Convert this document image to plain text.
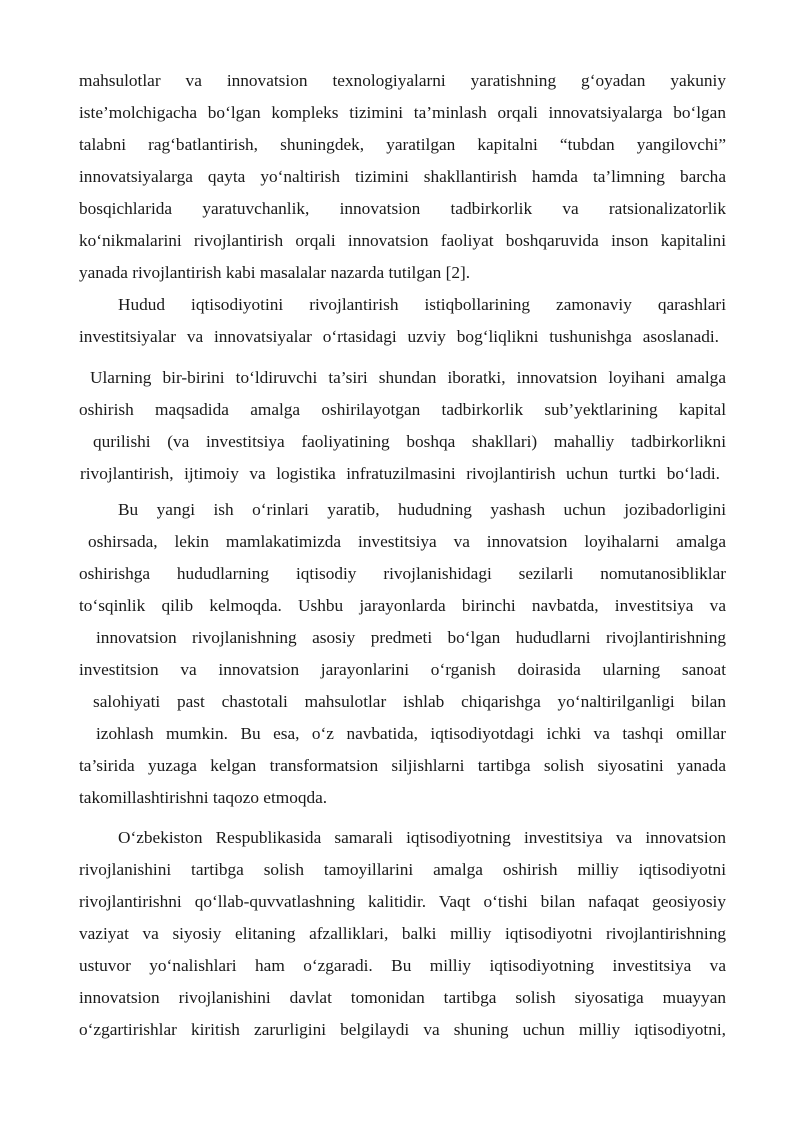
mahsulotlar va innovatsion texnologiyalarni yaratishning g‘oyadan yakuniy
iste’molchigacha bo‘lgan kompleks tizimini ta’minlash orqali innovatsiyalarga bo‘lgan
talabni rag‘batlantirish, shuningdek, yaratilgan kapitalni “tubdan yangilovchi”
innovatsiyalarga qayta yo‘naltirish tizimini shakllantirish hamda ta’limning barcha
bosqichlarida yaratuvchanlik, innovatsion tadbirkorlik va ratsionalizatorlik
ko‘nikmalarini rivojlantirish orqali innovatsion faoliyat boshqaruvida inson kapitalini
yanada rivojlantirish kabi masalalar nazarda tutilgan [2].
Hudud iqtisodiyotini rivojlantirish istiqbollarining zamonaviy qarashlari
investitsiyalar va innovatsiyalar o‘rtasidagi uzviy bog‘liqlikni tushunishga asoslanadi.
Ularning bir-birini to‘ldiruvchi ta’siri shundan iboratki, innovatsion loyihani amalga
oshirish maqsadida amalga oshirilayotgan tadbirkorlik sub’yektlarining kapital
qurilishi (va investitsiya faoliyatining boshqa shakllari) mahalliy tadbirkorlikni
rivojlantirish, ijtimoiy va logistika infratuzilmasini rivojlantirish uchun turtki bo‘ladi.
Bu yangi ish o‘rinlari yaratib, hududning yashash uchun jozibadorligini
oshirsada, lekin mamlakatimizda investitsiya va innovatsion loyihalarni amalga
oshirishga hududlarning iqtisodiy rivojlanishidagi sezilarli nomutanosibliklar
to‘sqinlik qilib kelmoqda. Ushbu jarayonlarda birinchi navbatda, investitsiya va
innovatsion rivojlanishning asosiy predmeti bo‘lgan hududlarni rivojlantirishning
investitsion va innovatsion jarayonlarini o‘rganish doirasida ularning sanoat
salohiyati past chastotali mahsulotlar ishlab chiqarishga yo‘naltirilganligi bilan
izohlash mumkin. Bu esa, o‘z navbatida, iqtisodiyotdagi ichki va tashqi omillar
ta’sirida yuzaga kelgan transformatsion siljishlarni tartibga solish siyosatini yanada
takomillashtirishni taqozo etmoqda.
O‘zbekiston Respublikasida samarali iqtisodiyotning investitsiya va innovatsion
rivojlanishini tartibga solish tamoyillarini amalga oshirish milliy iqtisodiyotni
rivojlantirishni qo‘llab-quvvatlashning kalitidir. Vaqt o‘tishi bilan nafaqat geosiyosiy
vaziyat va siyosiy elitaning afzalliklari, balki milliy iqtisodiyotni rivojlantirishning
ustuvor yo‘nalishlari ham o‘zgaradi. Bu milliy iqtisodiyotning investitsiya va
innovatsion rivojlanishini davlat tomonidan tartibga solish siyosatiga muayyan
o‘zgartirishlar kiritish zarurligini belgilaydi va shuning uchun milliy iqtisodiyotni,
